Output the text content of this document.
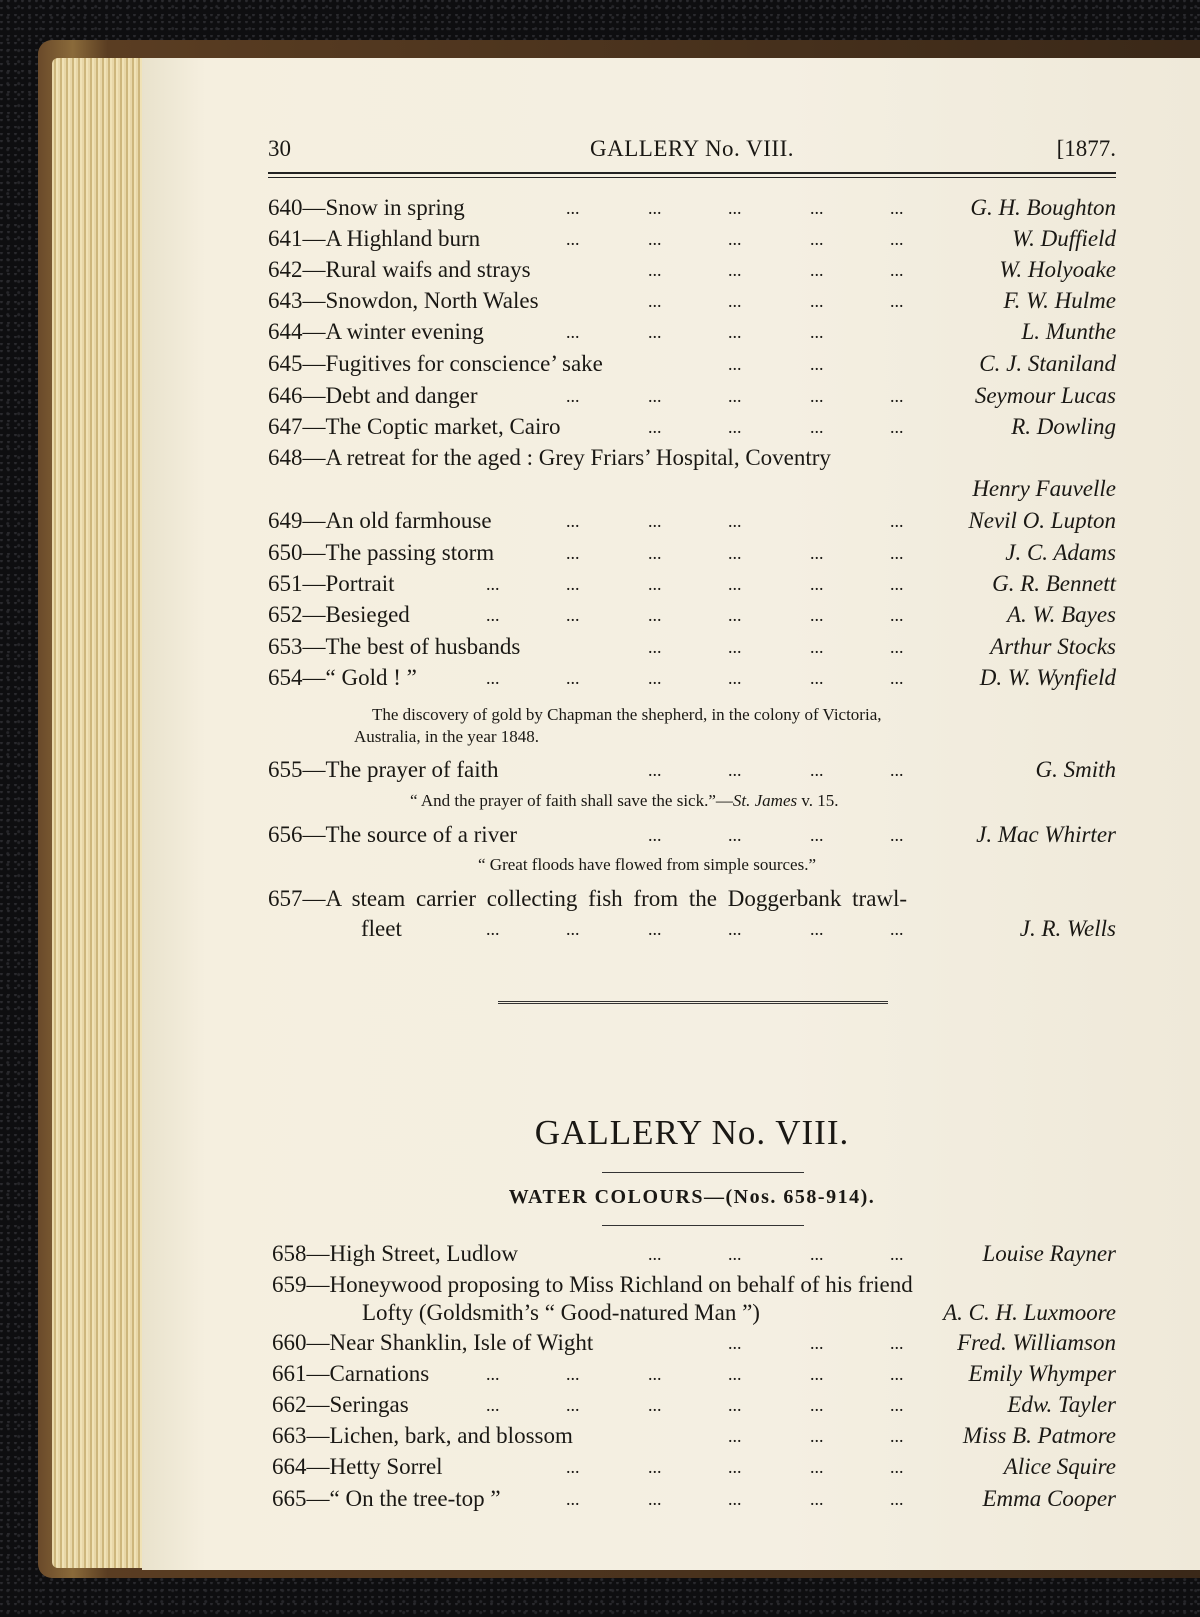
30	GALLERY No. VIII.	[1877.
640—Snow in spring	...	...	...	...	...	G. H. Boughton
641—A Highland burn	...	...	...	...	...	W. Duffield
642—Rural waifs and strays	...	...	...	...	W. Holyoake
643—Snowdon, North Wales	...	...	...	...	F. W. Hulme
644—A winter evening	...	...	...	...	L. Munthe
645—Fugitives for conscience’ sake	...	...	C. J. Staniland
646—Debt and danger	...	...	...	...	...	Seymour Lucas
647—The Coptic market, Cairo	...	...	...	...	R. Dowling
648—A retreat for the aged : Grey Friars’ Hospital, Coventry
Henry Fauvelle
649—An old farmhouse	...	...	...	...	Nevil O. Lupton
650—The passing storm	...	...	...	...	...	J. C. Adams
651—Portrait	...	...	...	...	...	...	G. R. Bennett
652—Besieged	...	...	...	...	...	...	A. W. Bayes
653—The best of husbands	...	...	...	...	Arthur Stocks
654—“ Gold ! ”	...	...	...	...	...	...	D. W. Wynfield
The discovery of gold by Chapman the shepherd, in the colony of Victoria,
Australia, in the year 1848.
655—The prayer of faith	...	...	...	...	G. Smith
“ And the prayer of faith shall save the sick.”—St. James v. 15.
656—The source of a river	...	...	...	...	J. Mac Whirter
“ Great floods have flowed from simple sources.”
657—A steam carrier collecting fish from the Doggerbank trawl-
fleet	...	...	...	...	...	...	J. R. Wells
GALLERY No. VIII.
WATER COLOURS—(Nos. 658-914).
658—High Street, Ludlow	...	...	...	...	Louise Rayner
659—Honeywood proposing to Miss Richland on behalf of his friend
Lofty (Goldsmith’s “ Good-natured Man ”)	A. C. H. Luxmoore
660—Near Shanklin, Isle of Wight	...	...	... Fred. Williamson
661—Carnations	...	...	...	...	...	...	Emily Whymper
662—Seringas	...	...	...	...	...	...	Edw. Tayler
663—Lichen, bark, and blossom	...	...	...	Miss B. Patmore
664—Hetty Sorrel	...	...	...	...	...	Alice Squire
665—“ On the tree-top ”	...	...	...	...	...	Emma Cooper
